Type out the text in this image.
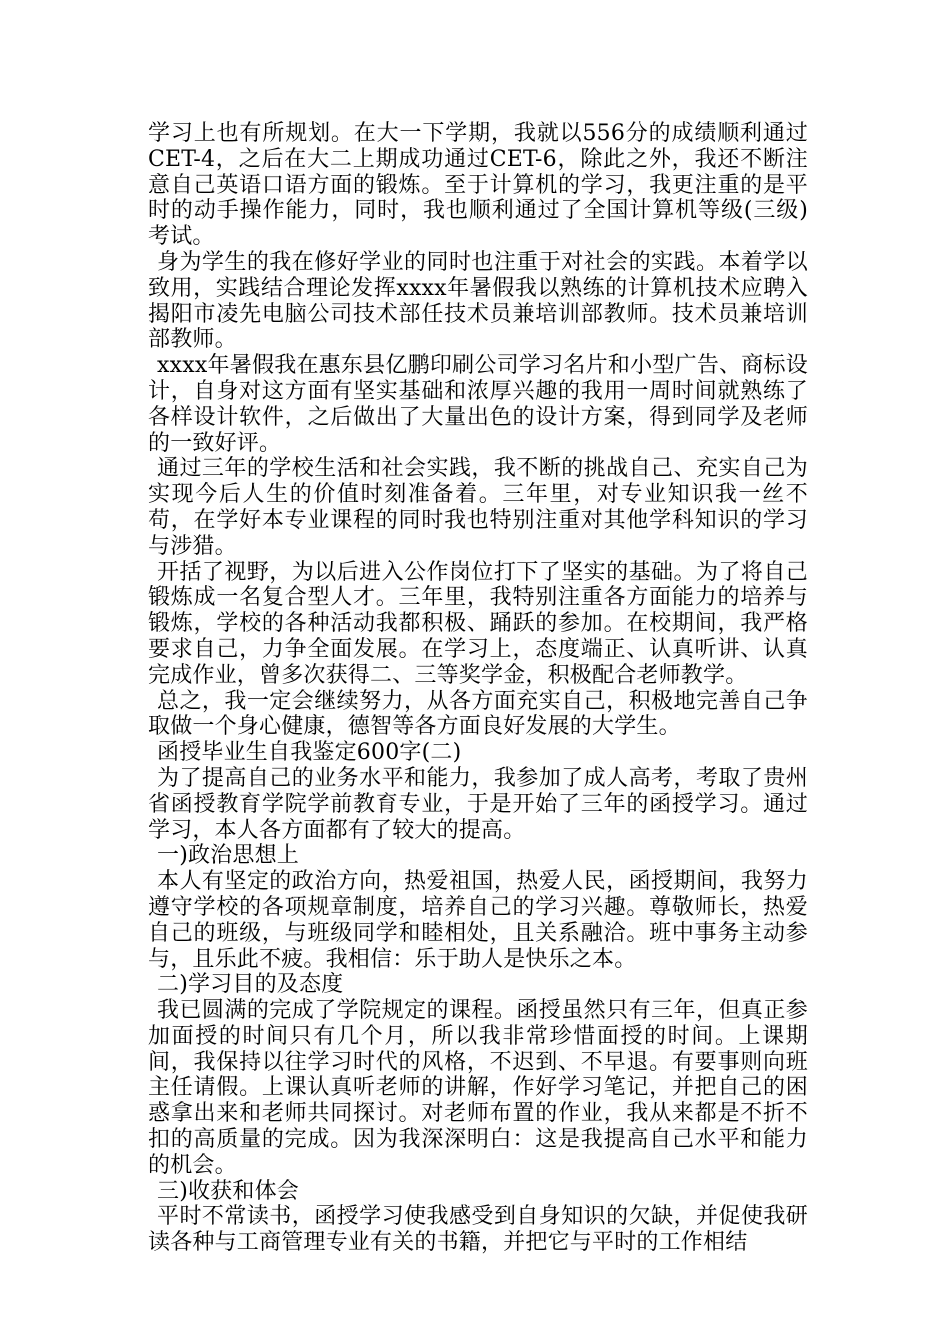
学习上也有所规划。在大一下学期，我就以556分的成绩顺利通过CET-4，之后在大二上期成功通过CET-6，除此之外，我还不断注意自己英语口语方面的锻炼。至于计算机的学习，我更注重的是平时的动手操作能力，同时，我也顺利通过了全国计算机等级(三级)考试。

身为学生的我在修好学业的同时也注重于对社会的实践。本着学以致用，实践结合理论发挥xxxx年暑假我以熟练的计算机技术应聘入揭阳市凌先电脑公司技术部任技术员兼培训部教师。技术员兼培训部教师。

xxxx年暑假我在惠东县亿鹏印刷公司学习名片和小型广告、商标设计，自身对这方面有坚实基础和浓厚兴趣的我用一周时间就熟练了各样设计软件，之后做出了大量出色的设计方案，得到同学及老师的一致好评。

通过三年的学校生活和社会实践，我不断的挑战自己、充实自己为实现今后人生的价值时刻准备着。三年里，对专业知识我一丝不苟，在学好本专业课程的同时我也特别注重对其他学科知识的学习与涉猎。

开括了视野，为以后进入公作岗位打下了坚实的基础。为了将自己锻炼成一名复合型人才。三年里，我特别注重各方面能力的培养与锻炼，学校的各种活动我都积极、踊跃的参加。在校期间，我严格要求自己，力争全面发展。在学习上，态度端正、认真听讲、认真完成作业，曾多次获得二、三等奖学金，积极配合老师教学。

总之，我一定会继续努力，从各方面充实自己，积极地完善自己争取做一个身心健康，德智等各方面良好发展的大学生。

函授毕业生自我鉴定600字(二)

为了提高自己的业务水平和能力，我参加了成人高考，考取了贵州省函授教育学院学前教育专业，于是开始了三年的函授学习。通过学习，本人各方面都有了较大的提高。

一)政治思想上

本人有坚定的政治方向，热爱祖国，热爱人民，函授期间，我努力遵守学校的各项规章制度，培养自己的学习兴趣。尊敬师长，热爱自己的班级，与班级同学和睦相处，且关系融洽。班中事务主动参与，且乐此不疲。我相信：乐于助人是快乐之本。

二)学习目的及态度

我已圆满的完成了学院规定的课程。函授虽然只有三年，但真正参加面授的时间只有几个月，所以我非常珍惜面授的时间。上课期间，我保持以往学习时代的风格，不迟到、不早退。有要事则向班主任请假。上课认真听老师的讲解，作好学习笔记，并把自己的困惑拿出来和老师共同探讨。对老师布置的作业，我从来都是不折不扣的高质量的完成。因为我深深明白：这是我提高自己水平和能力的机会。

三)收获和体会

平时不常读书，函授学习使我感受到自身知识的欠缺，并促使我研读各种与工商管理专业有关的书籍，并把它与平时的工作相结
